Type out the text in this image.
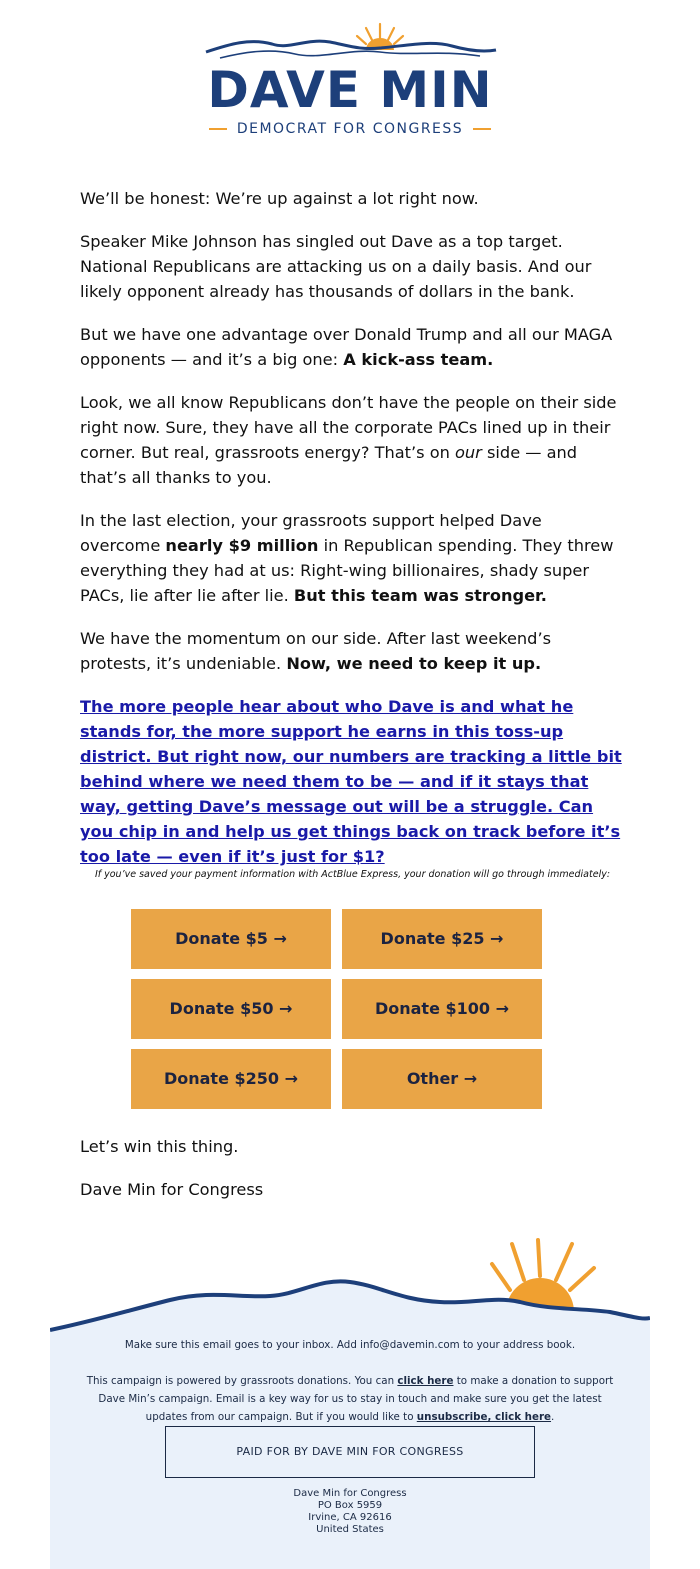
DAVE MIN
DEMOCRAT FOR CONGRESS

We’ll be honest: We’re up against a lot right now.

Speaker Mike Johnson has singled out Dave as a top target. National Republicans are attacking us on a daily basis. And our likely opponent already has thousands of dollars in the bank.

But we have one advantage over Donald Trump and all our MAGA opponents — and it’s a big one: A kick-ass team.

Look, we all know Republicans don’t have the people on their side right now. Sure, they have all the corporate PACs lined up in their corner. But real, grassroots energy? That’s on our side — and that’s all thanks to you.

In the last election, your grassroots support helped Dave overcome nearly $9 million in Republican spending. They threw everything they had at us: Right-wing billionaires, shady super PACs, lie after lie after lie. But this team was stronger.

We have the momentum on our side. After last weekend’s protests, it’s undeniable. Now, we need to keep it up.

The more people hear about who Dave is and what he stands for, the more support he earns in this toss-up district. But right now, our numbers are tracking a little bit behind where we need them to be — and if it stays that way, getting Dave’s message out will be a struggle. Can you chip in and help us get things back on track before it’s too late — even if it’s just for $1?

If you’ve saved your payment information with ActBlue Express, your donation will go through immediately:
Donate $5 →	Donate $25 →
Donate $50 →	Donate $100 →
Donate $250 →	Other →

Let’s win this thing.

Dave Min for Congress

Make sure this email goes to your inbox. Add info@davemin.com to your address book.

This campaign is powered by grassroots donations. You can click here to make a donation to support Dave Min’s campaign. Email is a key way for us to stay in touch and make sure you get the latest updates from our campaign. But if you would like to unsubscribe, click here.

PAID FOR BY DAVE MIN FOR CONGRESS
Dave Min for Congress
PO Box 5959
Irvine, CA 92616
United States
